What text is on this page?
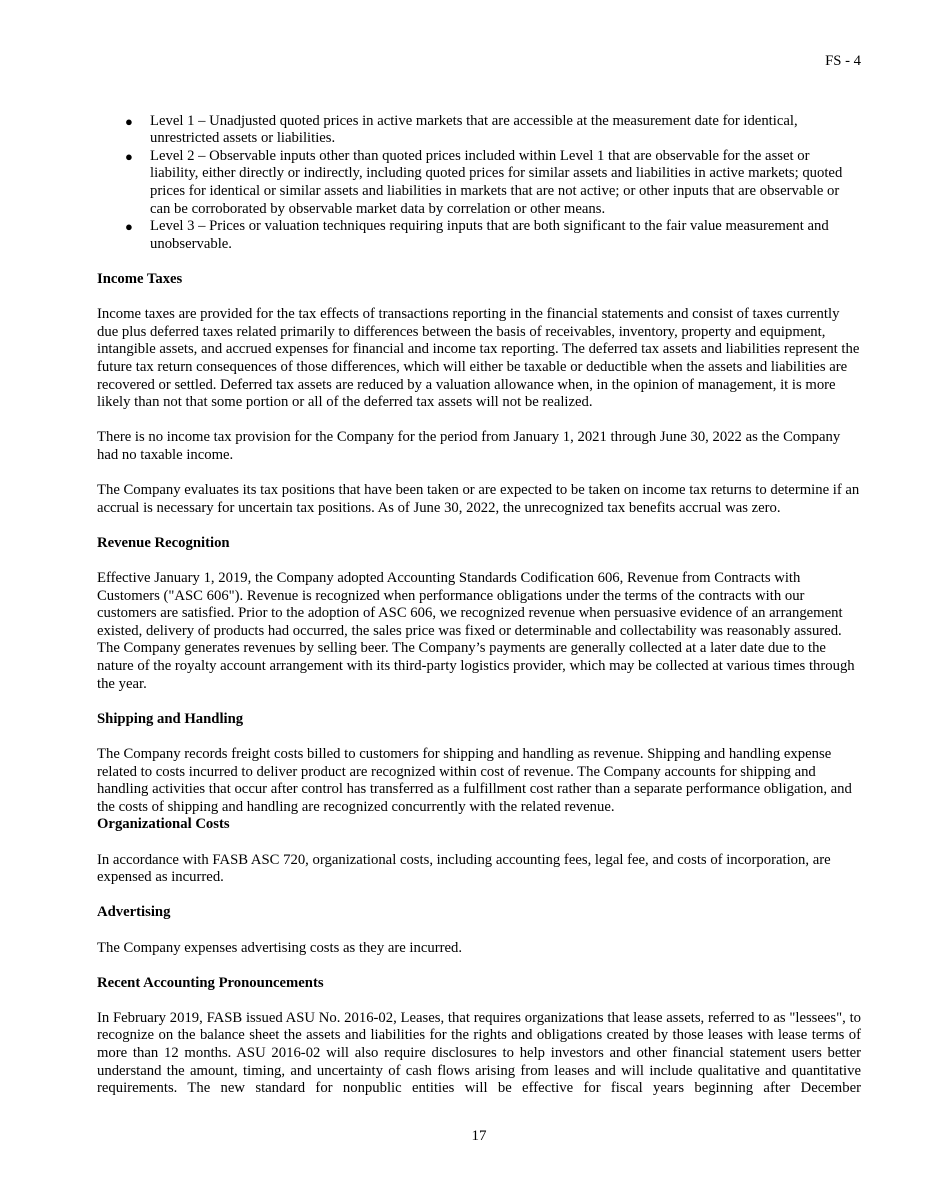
FS - 4
● Level 1 – Unadjusted quoted prices in active markets that are accessible at the measurement date for identical, unrestricted assets or liabilities.
● Level 2 – Observable inputs other than quoted prices included within Level 1 that are observable for the asset or liability, either directly or indirectly, including quoted prices for similar assets and liabilities in active markets; quoted prices for identical or similar assets and liabilities in markets that are not active; or other inputs that are observable or can be corroborated by observable market data by correlation or other means.
● Level 3 – Prices or valuation techniques requiring inputs that are both significant to the fair value measurement and unobservable.
Income Taxes

Income taxes are provided for the tax effects of transactions reporting in the financial statements and consist of taxes currently due plus deferred taxes related primarily to differences between the basis of receivables, inventory, property and equipment, intangible assets, and accrued expenses for financial and income tax reporting. The deferred tax assets and liabilities represent the future tax return consequences of those differences, which will either be taxable or deductible when the assets and liabilities are recovered or settled. Deferred tax assets are reduced by a valuation allowance when, in the opinion of management, it is more likely than not that some portion or all of the deferred tax assets will not be realized.

There is no income tax provision for the Company for the period from January 1, 2021 through June 30, 2022 as the Company had no taxable income.

The Company evaluates its tax positions that have been taken or are expected to be taken on income tax returns to determine if an accrual is necessary for uncertain tax positions. As of June 30, 2022, the unrecognized tax benefits accrual was zero.

Revenue Recognition

Effective January 1, 2019, the Company adopted Accounting Standards Codification 606, Revenue from Contracts with Customers ("ASC 606"). Revenue is recognized when performance obligations under the terms of the contracts with our customers are satisfied. Prior to the adoption of ASC 606, we recognized revenue when persuasive evidence of an arrangement existed, delivery of products had occurred, the sales price was fixed or determinable and collectability was reasonably assured. The Company generates revenues by selling beer. The Company’s payments are generally collected at a later date due to the nature of the royalty account arrangement with its third-party logistics provider, which may be collected at various times through the year.

Shipping and Handling

The Company records freight costs billed to customers for shipping and handling as revenue. Shipping and handling expense related to costs incurred to deliver product are recognized within cost of revenue. The Company accounts for shipping and handling activities that occur after control has transferred as a fulfillment cost rather than a separate performance obligation, and the costs of shipping and handling are recognized concurrently with the related revenue.

Organizational Costs

In accordance with FASB ASC 720, organizational costs, including accounting fees, legal fee, and costs of incorporation, are expensed as incurred.

Advertising

The Company expenses advertising costs as they are incurred.

Recent Accounting Pronouncements

In February 2019, FASB issued ASU No. 2016-02, Leases, that requires organizations that lease assets, referred to as "lessees", to recognize on the balance sheet the assets and liabilities for the rights and obligations created by those leases with lease terms of more than 12 months. ASU 2016-02 will also require disclosures to help investors and other financial statement users better understand the amount, timing, and uncertainty of cash flows arising from leases and will include qualitative and quantitative requirements. The new standard for nonpublic entities will be effective for fiscal years beginning after December

17
